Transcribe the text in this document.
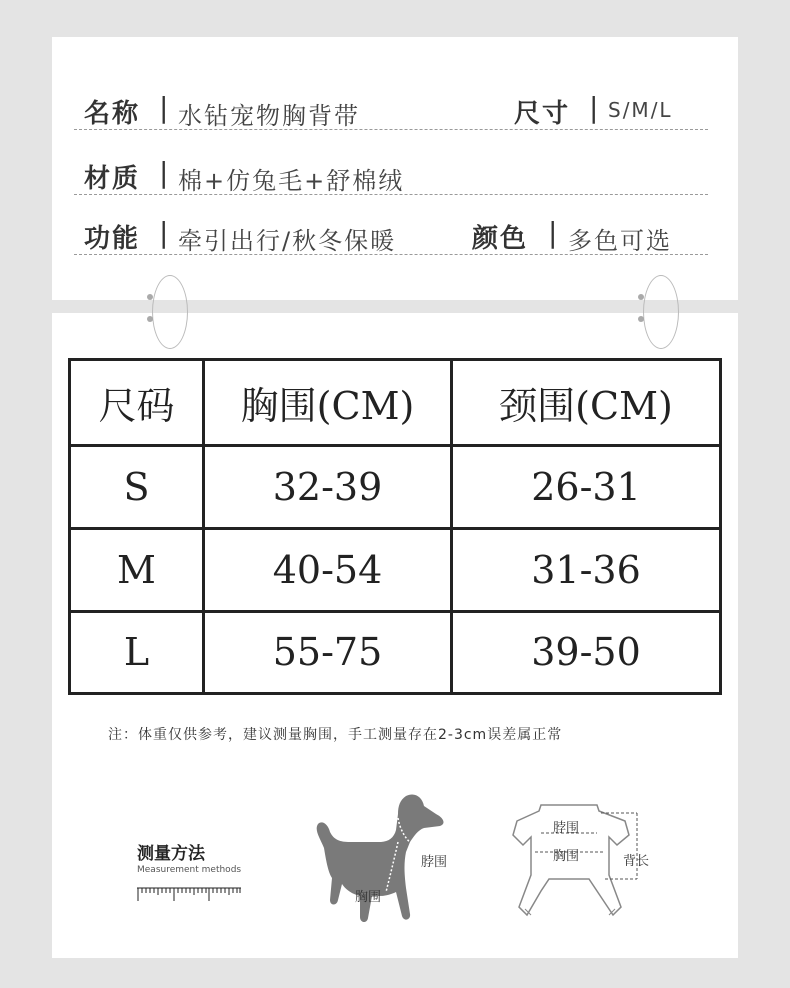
名称 | 水钻宠物胸背带	尺寸 | S/M/L
材质 | 棉+仿兔毛+舒棉绒
功能 | 牵引出行/秋冬保暖	颜色 | 多色可选
尺码	胸围(CM)	颈围(CM)
S	32-39	26-31
M	40-54	31-36
L	55-75	39-50
注：体重仅供参考，建议测量胸围，手工测量存在2-3cm误差属正常
测量方法
Measurement methods	脖围
胸围
脖围
胸围	背长
